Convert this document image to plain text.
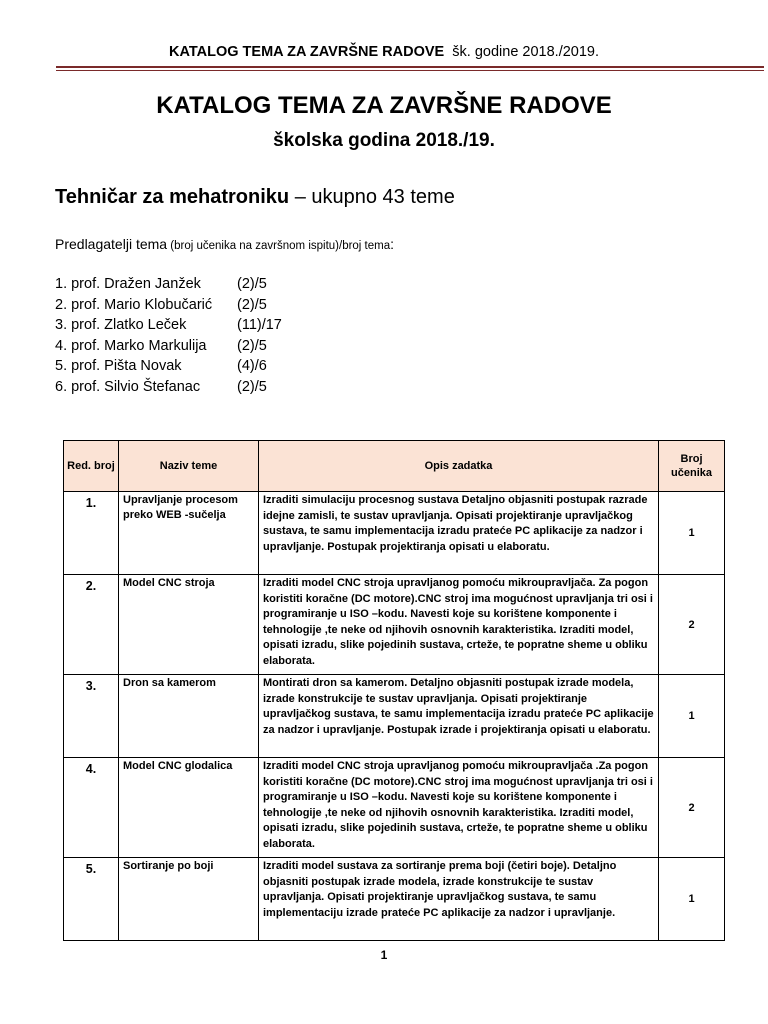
KATALOG TEMA ZA ZAVRŠNE RADOVE šk. godine 2018./2019.
KATALOG TEMA ZA ZAVRŠNE RADOVE
školska godina 2018./19.
Tehničar za mehatroniku – ukupno 43 teme
Predlagatelji tema (broj učenika na završnom ispitu)/broj tema:
1. prof. Dražen Janžek (2)/5
2. prof. Mario Klobučarić (2)/5
3. prof. Zlatko Leček	(11)/17
4. prof. Marko Markulija (2)/5
5. prof. Pišta Novak	(4)/6
6. prof. Silvio Štefanac	(2)/5
Red. broj	Naziv teme	Opis zadatka	Broj učenika
1.	Upravljanje procesom preko WEB -sučelja	Izraditi simulaciju procesnog sustava Detaljno objasniti postupak razrade idejne zamisli, te sustav upravljanja. Opisati projektiranje upravljačkog sustava, te samu implementacija izradu prateće PC aplikacije za nadzor i upravljanje. Postupak projektiranja opisati u elaboratu.	1
2.	Model CNC stroja	Izraditi model CNC stroja upravljanog pomoću mikroupravljača. Za pogon koristiti koračne (DC motore).CNC stroj ima mogućnost upravljanja tri osi i programiranje u ISO –kodu. Navesti koje su korištene komponente i tehnologije ,te neke od njihovih osnovnih karakteristika. Izraditi model, opisati izradu, slike pojedinih sustava, crteže, te popratne sheme u obliku elaborata.	2
3.	Dron sa kamerom	Montirati dron sa kamerom. Detaljno objasniti postupak izrade modela, izrade konstrukcije te sustav upravljanja. Opisati projektiranje upravljačkog sustava, te samu implementacija izradu prateće PC aplikacije za nadzor i upravljanje. Postupak izrade i projektiranja opisati u elaboratu.	1
4.	Model CNC glodalica	Izraditi model CNC stroja upravljanog pomoću mikroupravljača .Za pogon koristiti koračne (DC motore).CNC stroj ima mogućnost upravljanja tri osi i programiranje u ISO –kodu. Navesti koje su korištene komponente i tehnologije ,te neke od njihovih osnovnih karakteristika. Izraditi model, opisati izradu, slike pojedinih sustava, crteže, te popratne sheme u obliku elaborata.	2
5.	Sortiranje po boji	Izraditi model sustava za sortiranje prema boji (četiri boje). Detaljno objasniti postupak izrade modela, izrade konstrukcije te sustav upravljanja. Opisati projektiranje upravljačkog sustava, te samu implementaciju izrade prateće PC aplikacije za nadzor i upravljanje.	1
1
